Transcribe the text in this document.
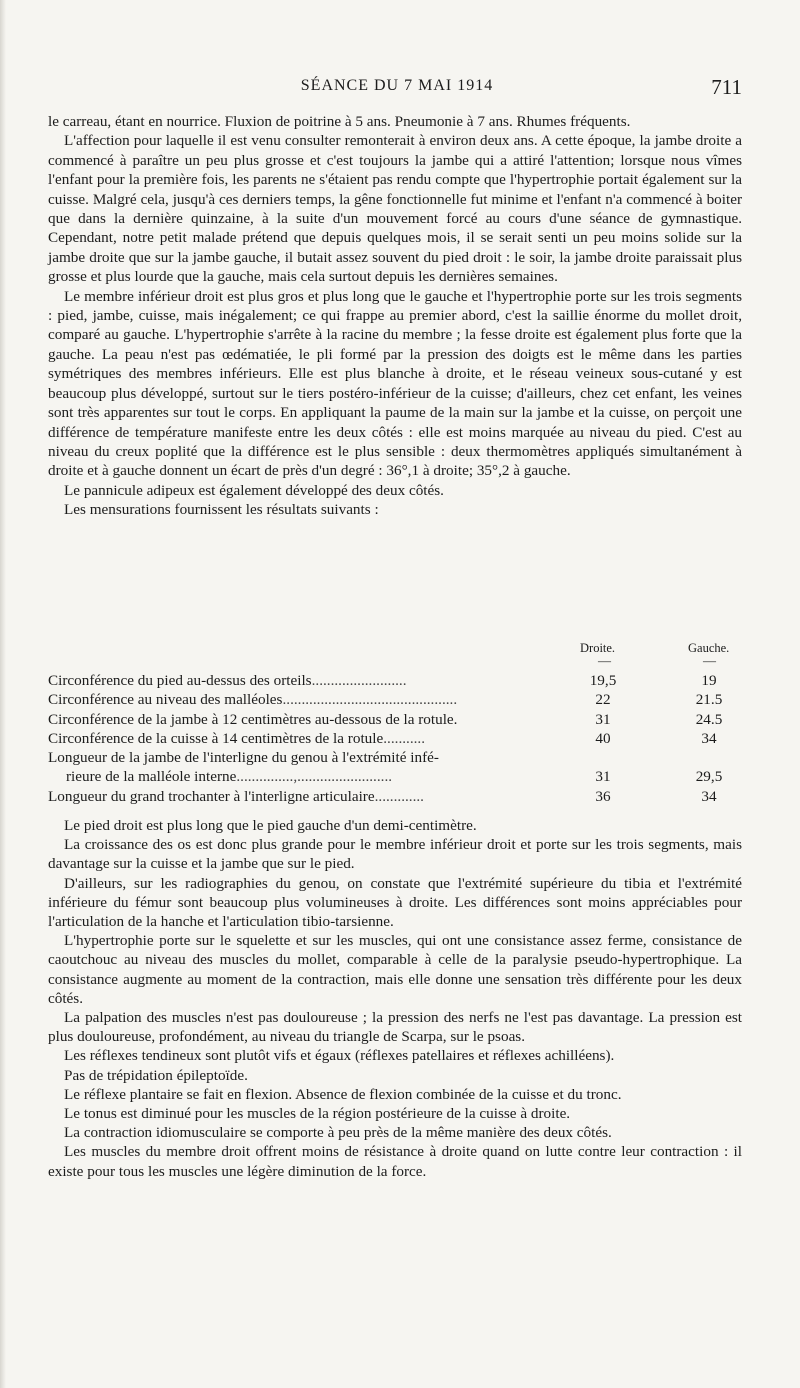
SÉANCE DU 7 MAI 1914	711

le carreau, étant en nourrice. Fluxion de poitrine à 5 ans. Pneumonie à 7 ans. Rhumes fréquents.

L'affection pour laquelle il est venu consulter remonterait à environ deux ans. A cette époque, la jambe droite a commencé à paraître un peu plus grosse et c'est toujours la jambe qui a attiré l'attention; lorsque nous vîmes l'enfant pour la première fois, les parents ne s'étaient pas rendu compte que l'hypertrophie portait également sur la cuisse. Malgré cela, jusqu'à ces derniers temps, la gêne fonctionnelle fut minime et l'enfant n'a commencé à boiter que dans la dernière quinzaine, à la suite d'un mouvement forcé au cours d'une séance de gymnastique. Cependant, notre petit malade prétend que depuis quelques mois, il se serait senti un peu moins solide sur la jambe droite que sur la jambe gauche, il butait assez souvent du pied droit : le soir, la jambe droite paraissait plus grosse et plus lourde que la gauche, mais cela surtout depuis les dernières semaines.

Le membre inférieur droit est plus gros et plus long que le gauche et l'hypertrophie porte sur les trois segments : pied, jambe, cuisse, mais inégalement; ce qui frappe au premier abord, c'est la saillie énorme du mollet droit, comparé au gauche. L'hypertrophie s'arrête à la racine du membre ; la fesse droite est également plus forte que la gauche. La peau n'est pas œdématiée, le pli formé par la pression des doigts est le même dans les parties symétriques des membres inférieurs. Elle est plus blanche à droite, et le réseau veineux sous-cutané y est beaucoup plus développé, surtout sur le tiers postéro-inférieur de la cuisse; d'ailleurs, chez cet enfant, les veines sont très apparentes sur tout le corps. En appliquant la paume de la main sur la jambe et la cuisse, on perçoit une différence de température manifeste entre les deux côtés : elle est moins marquée au niveau du pied. C'est au niveau du creux poplité que la différence est le plus sensible : deux thermomètres appliqués simultanément à droite et à gauche donnent un écart de près d'un degré : 36°,1 à droite; 35°,2 à gauche.

Le pannicule adipeux est également développé des deux côtés.

Les mensurations fournissent les résultats suivants :

Droite.	Gauche.
—	—
Circonférence du pied au-dessus des orteils.........................	19,5	19
Circonférence au niveau des malléoles..............................................	22	21.5
Circonférence de la jambe à 12 centimètres au-dessous de la rotule.	31	24.5
Circonférence de la cuisse à 14 centimètres de la rotule...........	40	34
Longueur de la jambe de l'interligne du genou à l'extrémité infé-
rieure de la malléole interne...............,.........................	31	29,5
Longueur du grand trochanter à l'interligne articulaire.............	36	34

Le pied droit est plus long que le pied gauche d'un demi-centimètre.

La croissance des os est donc plus grande pour le membre inférieur droit et porte sur les trois segments, mais davantage sur la cuisse et la jambe que sur le pied.

D'ailleurs, sur les radiographies du genou, on constate que l'extrémité supérieure du tibia et l'extrémité inférieure du fémur sont beaucoup plus volumineuses à droite. Les différences sont moins appréciables pour l'articulation de la hanche et l'articulation tibio-tarsienne.

L'hypertrophie porte sur le squelette et sur les muscles, qui ont une consistance assez ferme, consistance de caoutchouc au niveau des muscles du mollet, comparable à celle de la paralysie pseudo-hypertrophique. La consistance augmente au moment de la contraction, mais elle donne une sensation très différente pour les deux côtés.

La palpation des muscles n'est pas douloureuse ; la pression des nerfs ne l'est pas davantage. La pression est plus douloureuse, profondément, au niveau du triangle de Scarpa, sur le psoas.

Les réflexes tendineux sont plutôt vifs et égaux (réflexes patellaires et réflexes achilléens).

Pas de trépidation épileptoïde.

Le réflexe plantaire se fait en flexion. Absence de flexion combinée de la cuisse et du tronc.

Le tonus est diminué pour les muscles de la région postérieure de la cuisse à droite.

La contraction idiomusculaire se comporte à peu près de la même manière des deux côtés.

Les muscles du membre droit offrent moins de résistance à droite quand on lutte contre leur contraction : il existe pour tous les muscles une légère diminution de la force.
